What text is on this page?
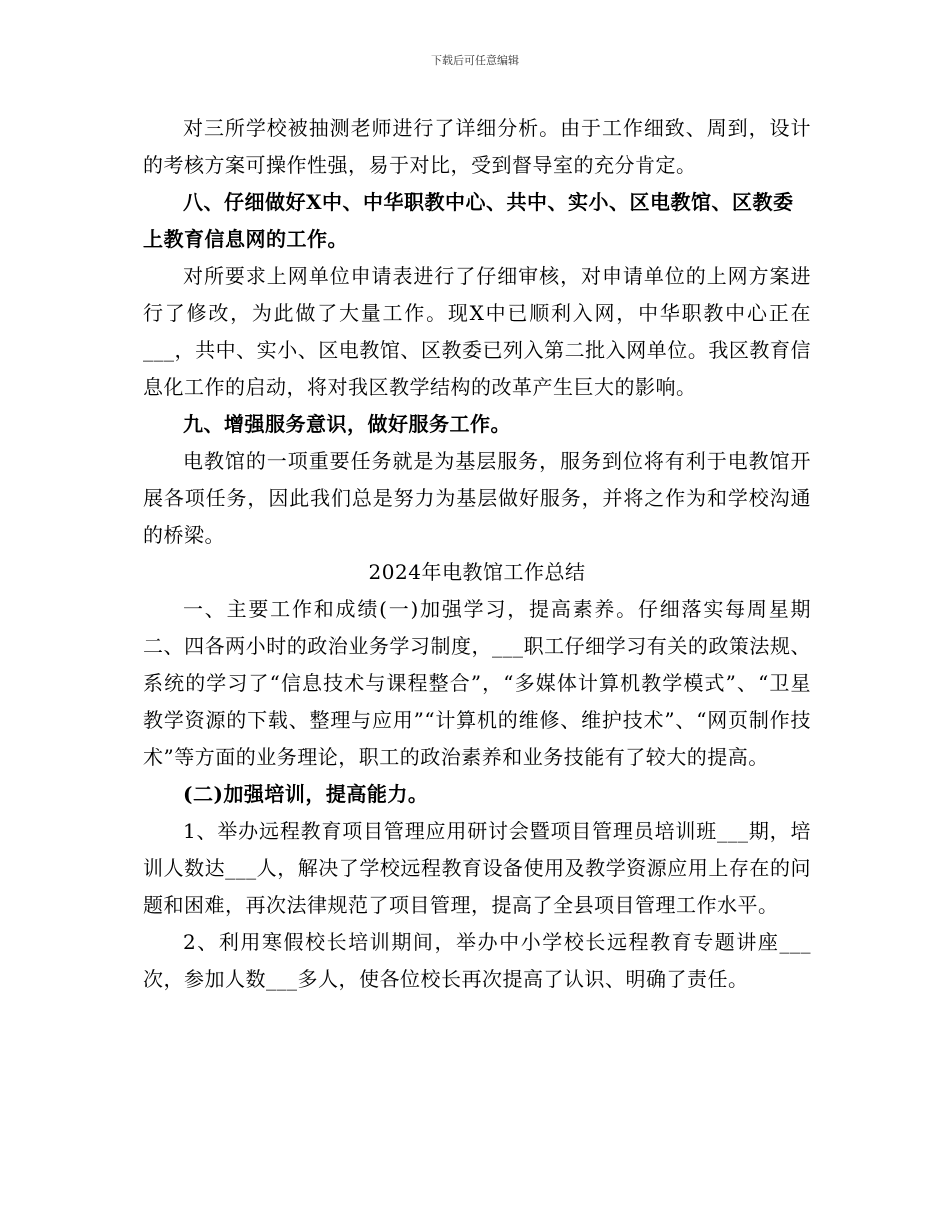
下载后可任意编辑

对三所学校被抽测老师进行了详细分析。由于工作细致、周到，设计的考核方案可操作性强，易于对比，受到督导室的充分肯定。

八、仔细做好X中、中华职教中心、共中、实小、区电教馆、区教委上教育信息网的工作。

对所要求上网单位申请表进行了仔细审核，对申请单位的上网方案进行了修改，为此做了大量工作。现X中已顺利入网，中华职教中心正在___，共中、实小、区电教馆、区教委已列入第二批入网单位。我区教育信息化工作的启动，将对我区教学结构的改革产生巨大的影响。

九、增强服务意识，做好服务工作。

电教馆的一项重要任务就是为基层服务，服务到位将有利于电教馆开展各项任务，因此我们总是努力为基层做好服务，并将之作为和学校沟通的桥梁。

2024年电教馆工作总结

一、主要工作和成绩(一)加强学习，提高素养。仔细落实每周星期二、四各两小时的政治业务学习制度，___职工仔细学习有关的政策法规、系统的学习了“信息技术与课程整合”，“多媒体计算机教学模式”、“卫星教学资源的下载、整理与应用”“计算机的维修、维护技术”、“网页制作技术”等方面的业务理论，职工的政治素养和业务技能有了较大的提高。

(二)加强培训，提高能力。

1、举办远程教育项目管理应用研讨会暨项目管理员培训班___期，培训人数达___人，解决了学校远程教育设备使用及教学资源应用上存在的问题和困难，再次法律规范了项目管理，提高了全县项目管理工作水平。

2、利用寒假校长培训期间，举办中小学校长远程教育专题讲座___次，参加人数___多人，使各位校长再次提高了认识、明确了责任。
